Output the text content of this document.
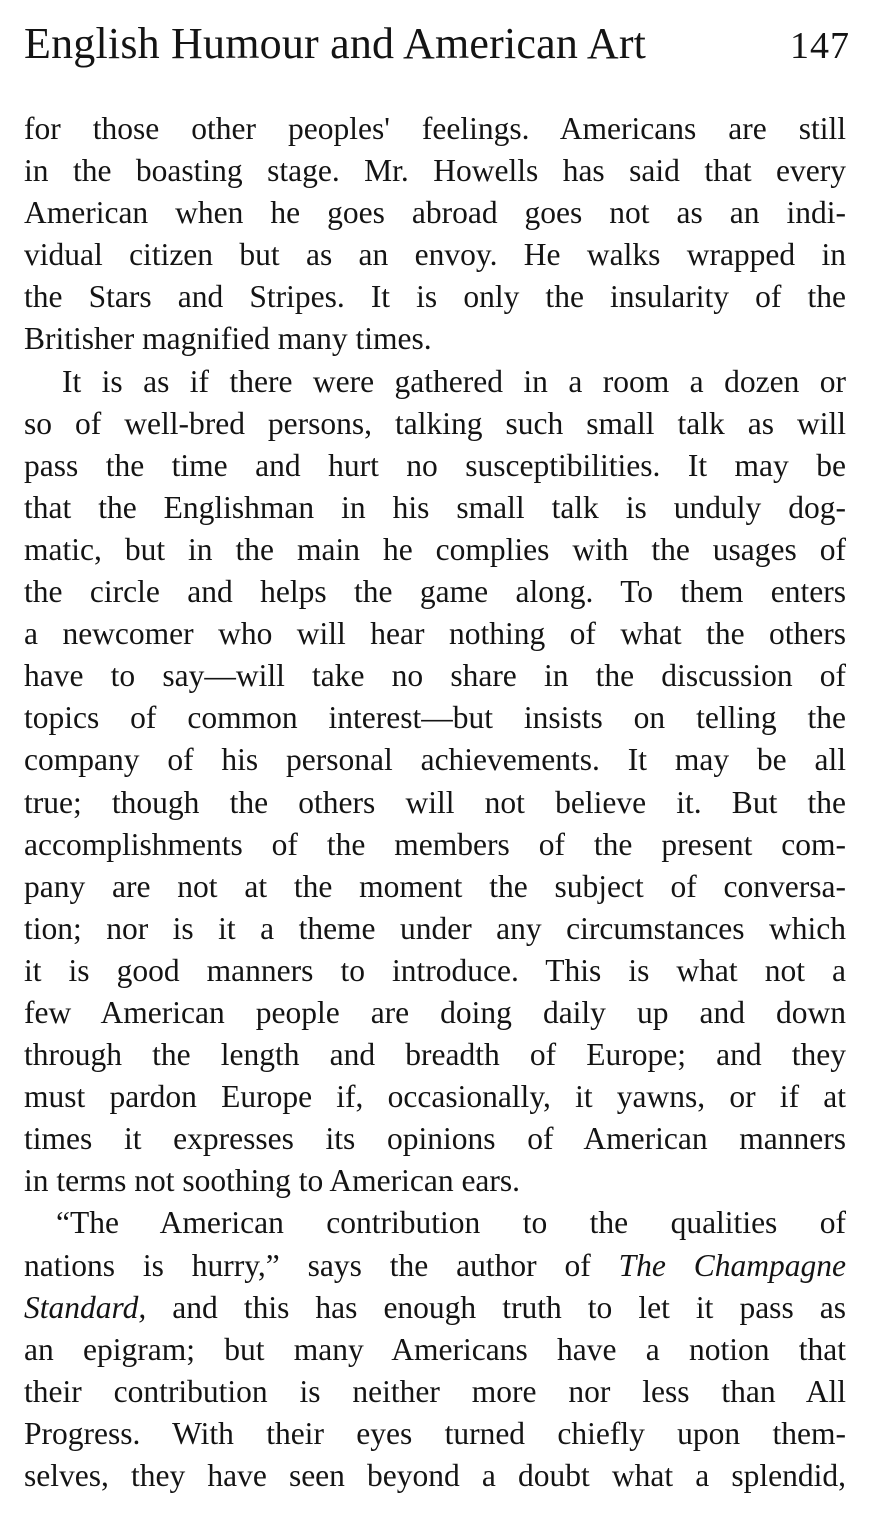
English Humour and American Art	147
for those other peoples' feelings. Americans are still
in the boasting stage. Mr. Howells has said that every
American when he goes abroad goes not as an indi-
vidual citizen but as an envoy. He walks wrapped in
the Stars and Stripes. It is only the insularity of the
Britisher magnified many times.
It is as if there were gathered in a room a dozen or
so of well-bred persons, talking such small talk as will
pass the time and hurt no susceptibilities. It may be
that the Englishman in his small talk is unduly dog-
matic, but in the main he complies with the usages of
the circle and helps the game along. To them enters
a newcomer who will hear nothing of what the others
have to say—will take no share in the discussion of
topics of common interest—but insists on telling the
company of his personal achievements. It may be all
true; though the others will not believe it. But the
accomplishments of the members of the present com-
pany are not at the moment the subject of conversa-
tion; nor is it a theme under any circumstances which
it is good manners to introduce. This is what not a
few American people are doing daily up and down
through the length and breadth of Europe; and they
must pardon Europe if, occasionally, it yawns, or if at
times it expresses its opinions of American manners
in terms not soothing to American ears.
“The American contribution to the qualities of
nations is hurry,” says the author of The Champagne
Standard, and this has enough truth to let it pass as
an epigram; but many Americans have a notion that
their contribution is neither more nor less than All
Progress. With their eyes turned chiefly upon them-
selves, they have seen beyond a doubt what a splendid,
